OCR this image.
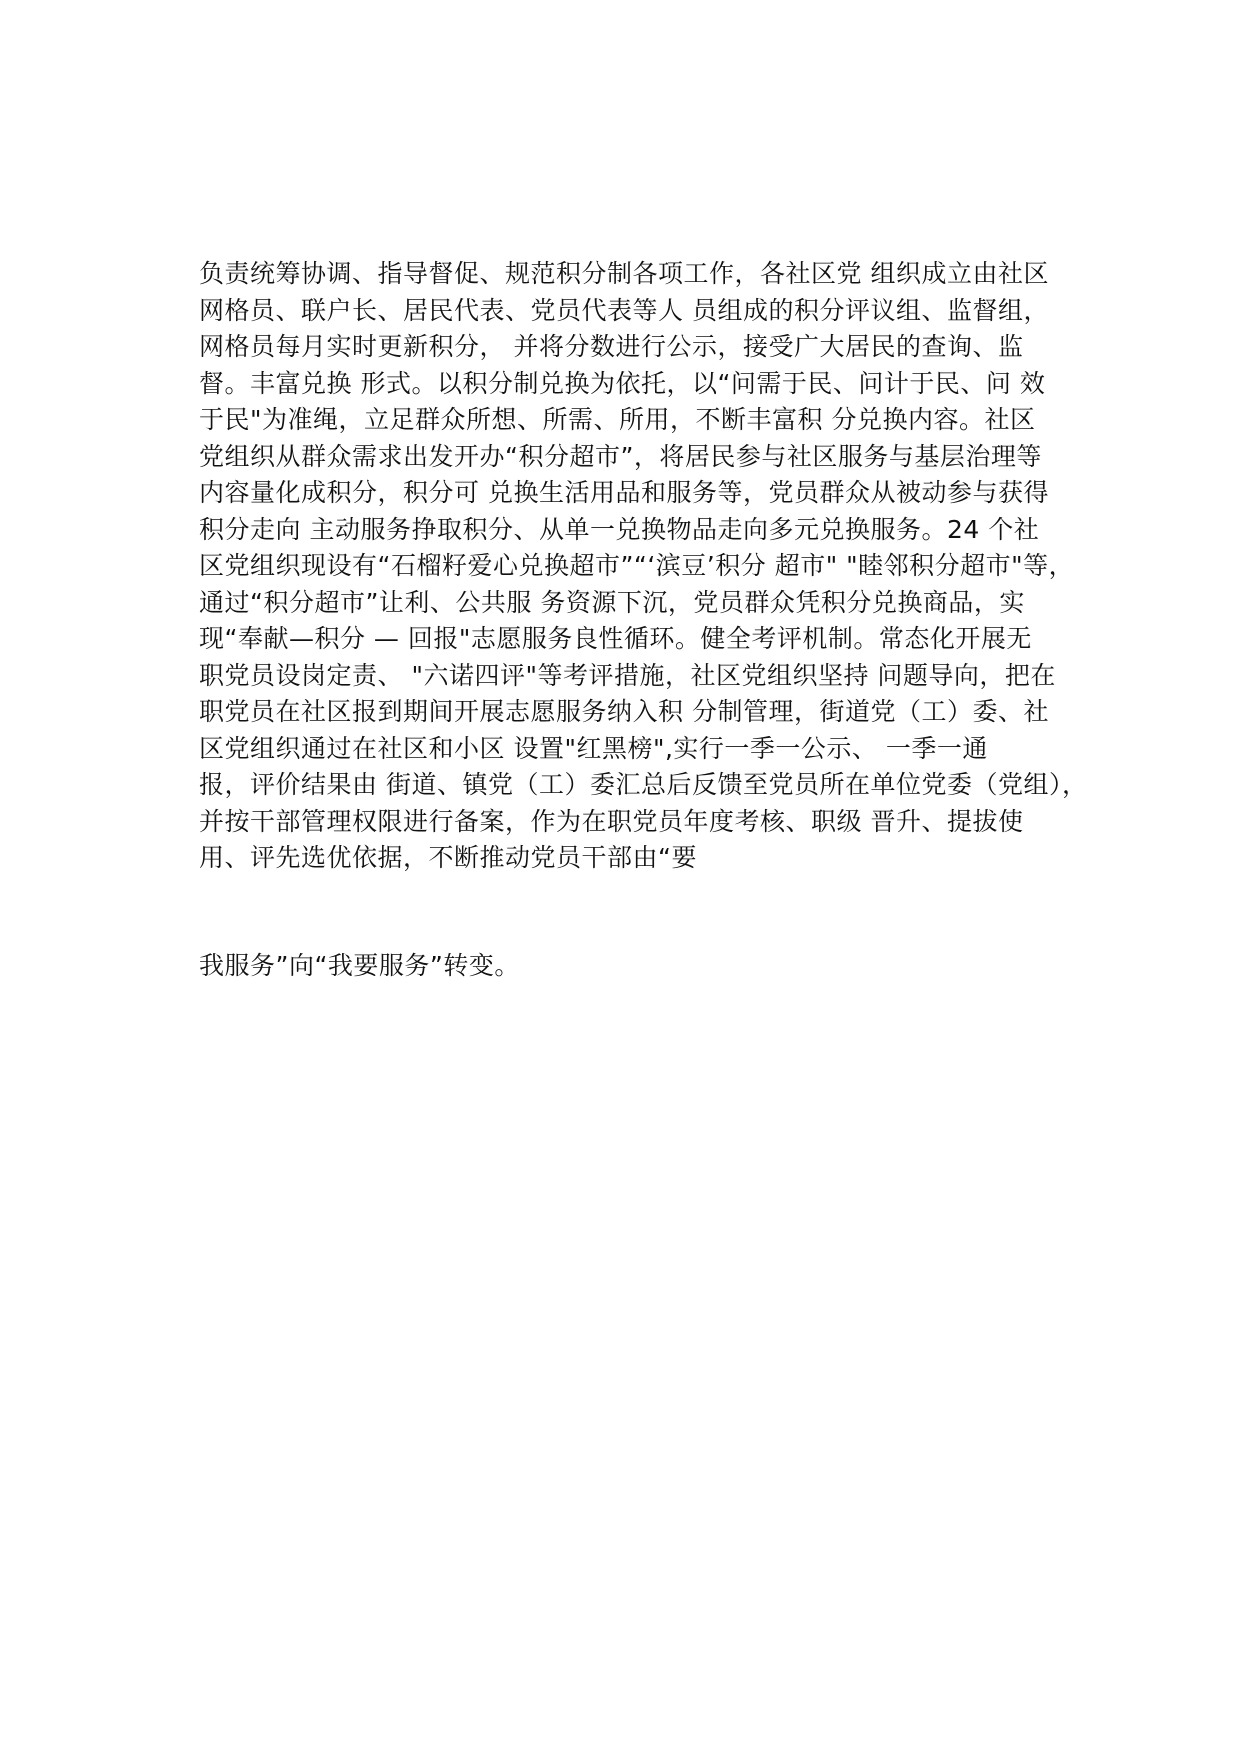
负责统筹协调、指导督促、规范积分制各项工作，各社区党 组织成立由社区
网格员、联户长、居民代表、党员代表等人 员组成的积分评议组、监督组，
网格员每月实时更新积分， 并将分数进行公示，接受广大居民的查询、监
督。丰富兑换 形式。以积分制兑换为依托，以“问需于民、问计于民、问 效
于民"为准绳，立足群众所想、所需、所用，不断丰富积 分兑换内容。社区
党组织从群众需求出发开办“积分超市”，将居民参与社区服务与基层治理等
内容量化成积分，积分可 兑换生活用品和服务等，党员群众从被动参与获得
积分走向 主动服务挣取积分、从单一兑换物品走向多元兑换服务。24 个社
区党组织现设有“石榴籽爱心兑换超市”“‘滨豆’积分 超市" "睦邻积分超市"等，
通过“积分超市”让利、公共服 务资源下沉，党员群众凭积分兑换商品，实
现“奉献—积分 — 回报"志愿服务良性循环。健全考评机制。常态化开展无
职党员设岗定责、 "六诺四评"等考评措施，社区党组织坚持 问题导向，把在
职党员在社区报到期间开展志愿服务纳入积 分制管理，街道党（工）委、社
区党组织通过在社区和小区 设置"红黑榜",实行一季一公示、 一季一通
报，评价结果由 街道、镇党（工）委汇总后反馈至党员所在单位党委（党组），
并按干部管理权限进行备案，作为在职党员年度考核、职级 晋升、提拔使
用、评先选优依据，不断推动党员干部由“要
我服务”向“我要服务”转变。
